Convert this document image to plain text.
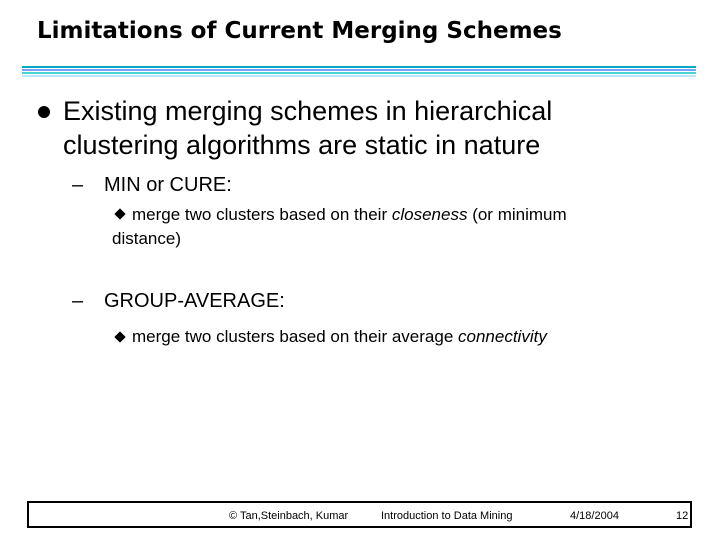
Limitations of Current Merging Schemes
Existing merging schemes in hierarchical clustering algorithms are static in nature
– MIN or CURE:
merge two clusters based on their closeness (or minimum
distance)
– GROUP-AVERAGE:
merge two clusters based on their average connectivity
© Tan,Steinbach, Kumar	Introduction to Data Mining	4/18/2004	12
